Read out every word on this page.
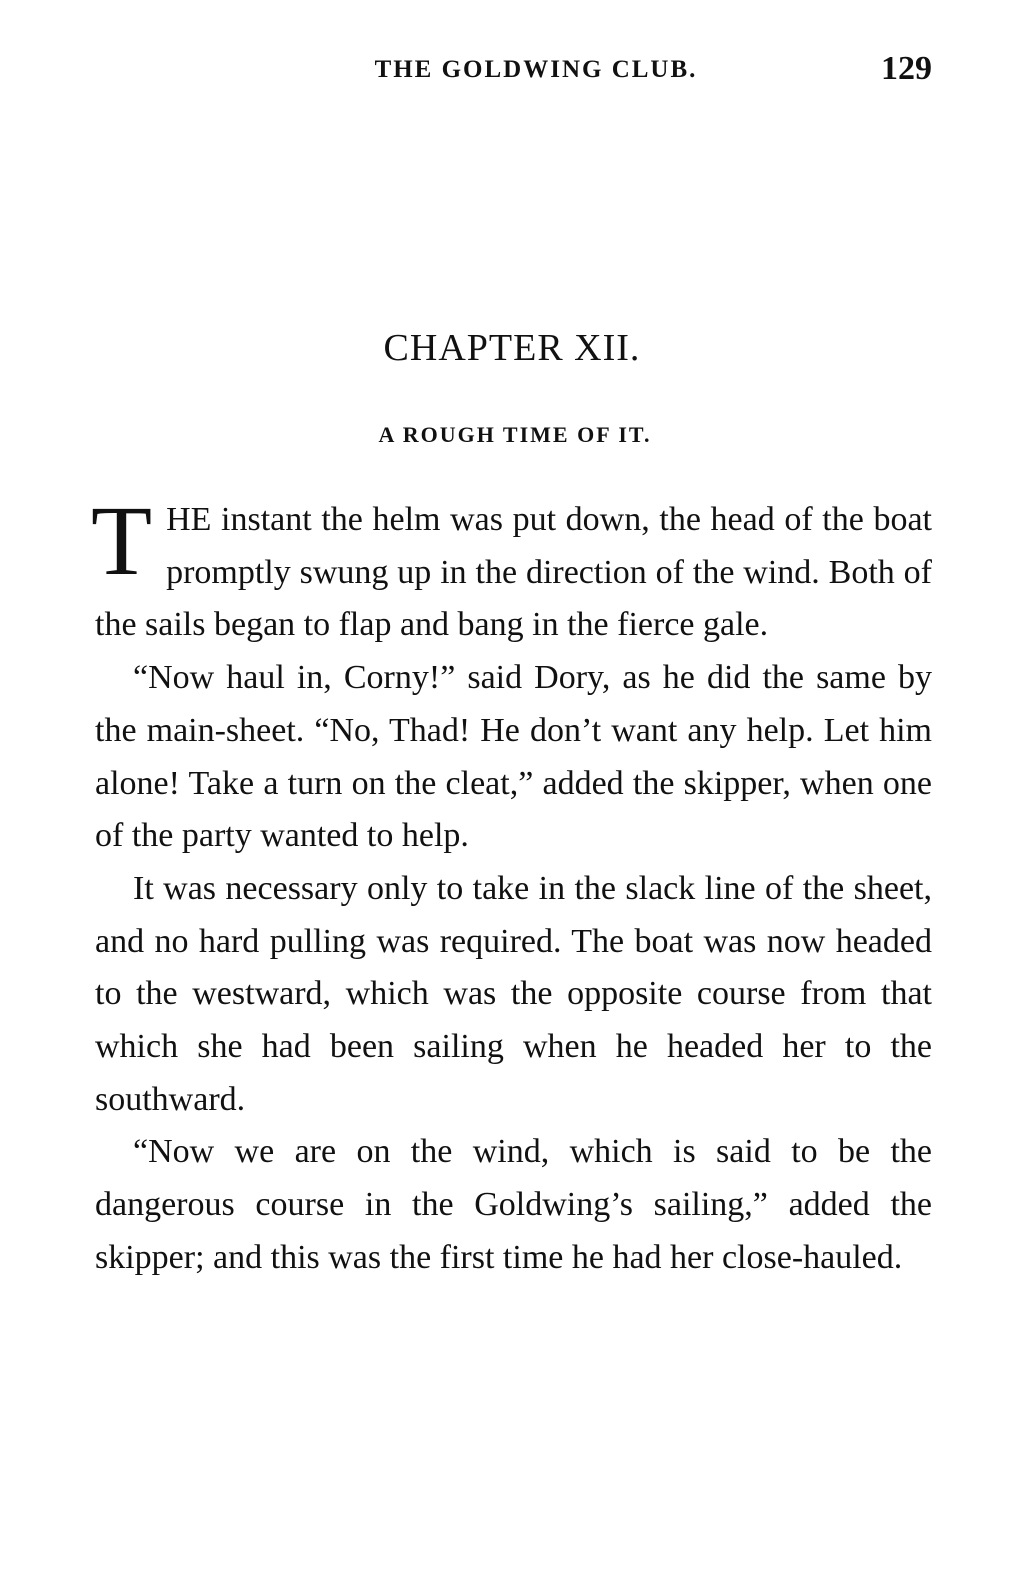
THE GOLDWING CLUB.	129
CHAPTER XII.
A ROUGH TIME OF IT.

THE instant the helm was put down, the head of the boat promptly swung up in the direction of the wind. Both of the sails began to flap and bang in the fierce gale.

“Now haul in, Corny!” said Dory, as he did the same by the main-sheet. “No, Thad! He don’t want any help. Let him alone! Take a turn on the cleat,” added the skipper, when one of the party wanted to help.

It was necessary only to take in the slack line of the sheet, and no hard pulling was required. The boat was now headed to the westward, which was the opposite course from that which she had been sailing when he headed her to the southward.

“Now we are on the wind, which is said to be the dangerous course in the Goldwing’s sailing,” added the skipper; and this was the first time he had her close-hauled.
